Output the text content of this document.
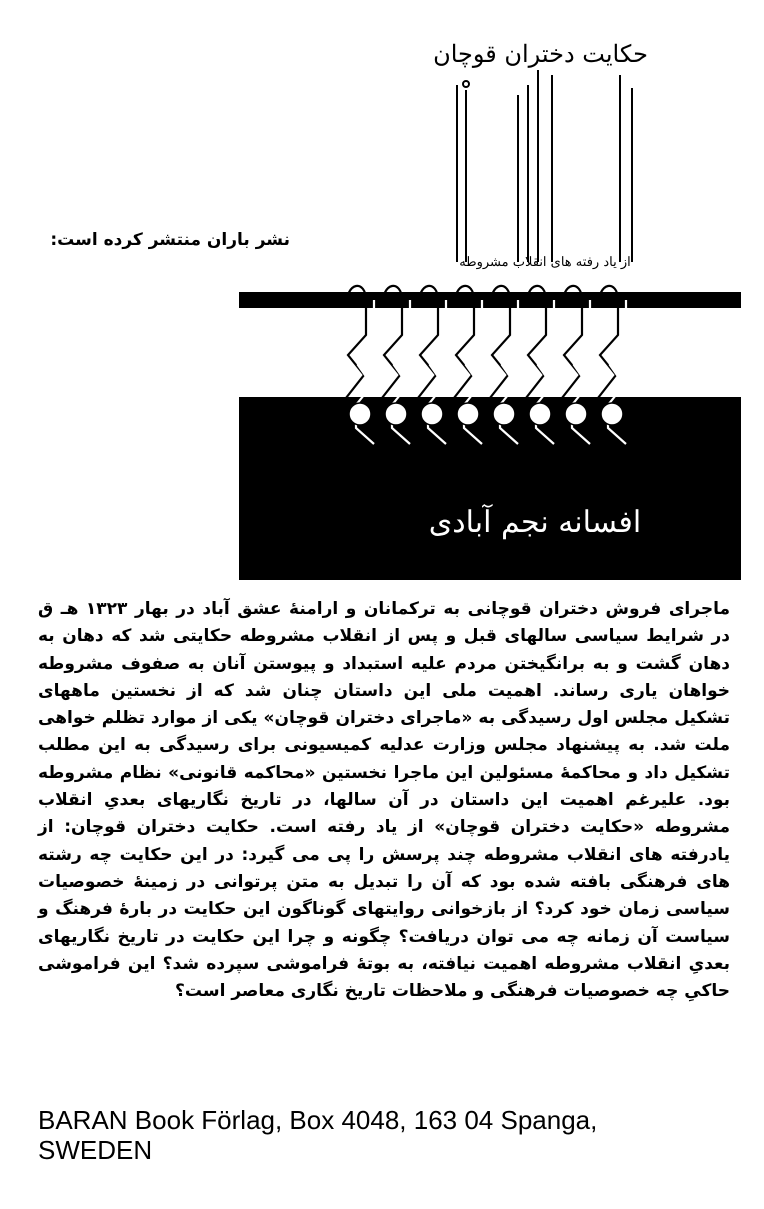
حکایت دختران قوچان
از یاد رفته های انقلاب مشروطه
نشر باران منتشر کرده است:
افسانه نجم آبادی
ماجرای فروش دختران قوچانی به ترکمانان و ارامنهٔ عشق آباد در بهار ۱۳۲۳ هـ ق در شرایط سیاسی سالهای قبل و پس از انقلاب مشروطه حکایتی شد که دهان به دهان گشت و به برانگیختن مردم علیه استبداد و پیوستن آنان به صفوف مشروطه خواهان یاری رساند. اهمیت ملی این داستان چنان شد که از نخستین ماههای تشکیل مجلس اول رسیدگی به «ماجرای دختران قوچان» یکی از موارد تظلم خواهی ملت شد. به پیشنهاد مجلس وزارت عدلیه کمیسیونی برای رسیدگی به این مطلب تشکیل داد و محاکمهٔ مسئولین این ماجرا نخستین «محاکمه قانونی» نظام مشروطه بود. علیرغم اهمیت این داستان در آن سالها، در تاریخ نگاریهای بعدیِ انقلاب مشروطه «حکایت دختران قوچان» از یاد رفته است. حکایت دختران قوچان: از یادرفته های انقلاب مشروطه چند پرسش را پی می گیرد: در این حکایت چه رشته های فرهنگی بافته شده بود که آن را تبدیل به متن پرتوانی در زمینهٔ خصوصیات سیاسی زمان خود کرد؟ از بازخوانی روایتهای گوناگون این حکایت در بارهٔ فرهنگ و سیاست آن زمانه چه می توان دریافت؟ چگونه و چرا این حکایت در تاریخ نگاریهای بعدیِ انقلاب مشروطه اهمیت نیافته، به بوتهٔ فراموشی سپرده شد؟ این فراموشی حاکیِ چه خصوصیات فرهنگی و ملاحظات تاریخ نگاری معاصر است؟
BARAN Book Förlag, Box 4048, 163 04 Spanga,
SWEDEN
